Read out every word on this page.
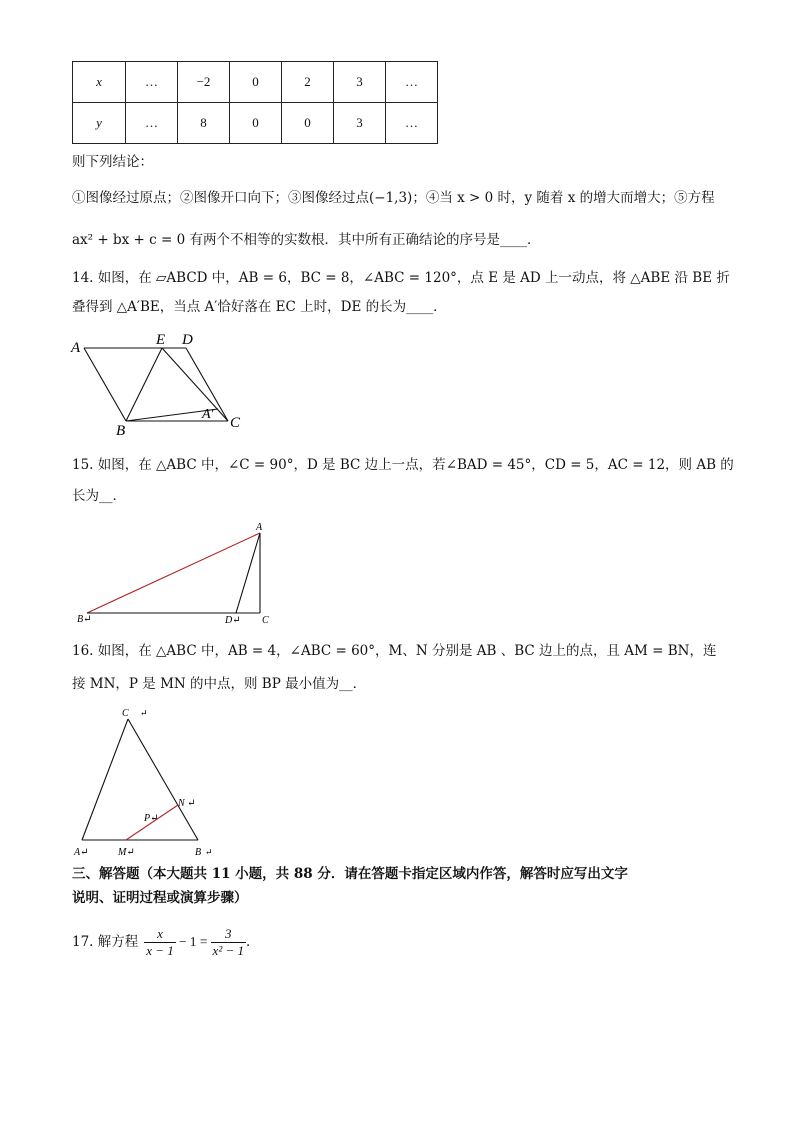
x	…	−2	0	2	3	…
y	…	8	0	0	3	…
则下列结论：
①图像经过原点；②图像开口向下；③图像经过点(−1,3)；④当 x > 0 时，y 随着 x 的增大而增大；⑤方程
ax² + bx + c = 0 有两个不相等的实数根．其中所有正确结论的序号是____．
14. 如图，在 ▱ABCD 中，AB = 6，BC = 8，∠ABC = 120°，点 E 是 AD 上一动点，将 △ABE 沿 BE 折
叠得到 △A′BE，当点 A′恰好落在 EC 上时，DE 的长为____．
A	E D
A′
B	C
15. 如图，在 △ABC 中，∠C = 90°，D 是 BC 边上一点，若∠BAD = 45°，CD = 5，AC = 12，则 AB 的
长为__．
A
B↵	D↵ C
16. 如图，在 △ABC 中，AB = 4，∠ABC = 60°，M、N 分别是 AB 、BC 边上的点，且 AM = BN，连
接 MN，P 是 MN 的中点，则 BP 最小值为__．
C ↵
N ↵
P↵
A↵	M↵	B ↵
三、解答题（本大题共 11 小题，共 88 分．请在答题卡指定区域内作答，解答时应写出文字
说明、证明过程或演算步骤）
17. 解方程 $\frac{x}{x - 1} - 1 = \frac{3}{\text{x² − 1}}$ ．
